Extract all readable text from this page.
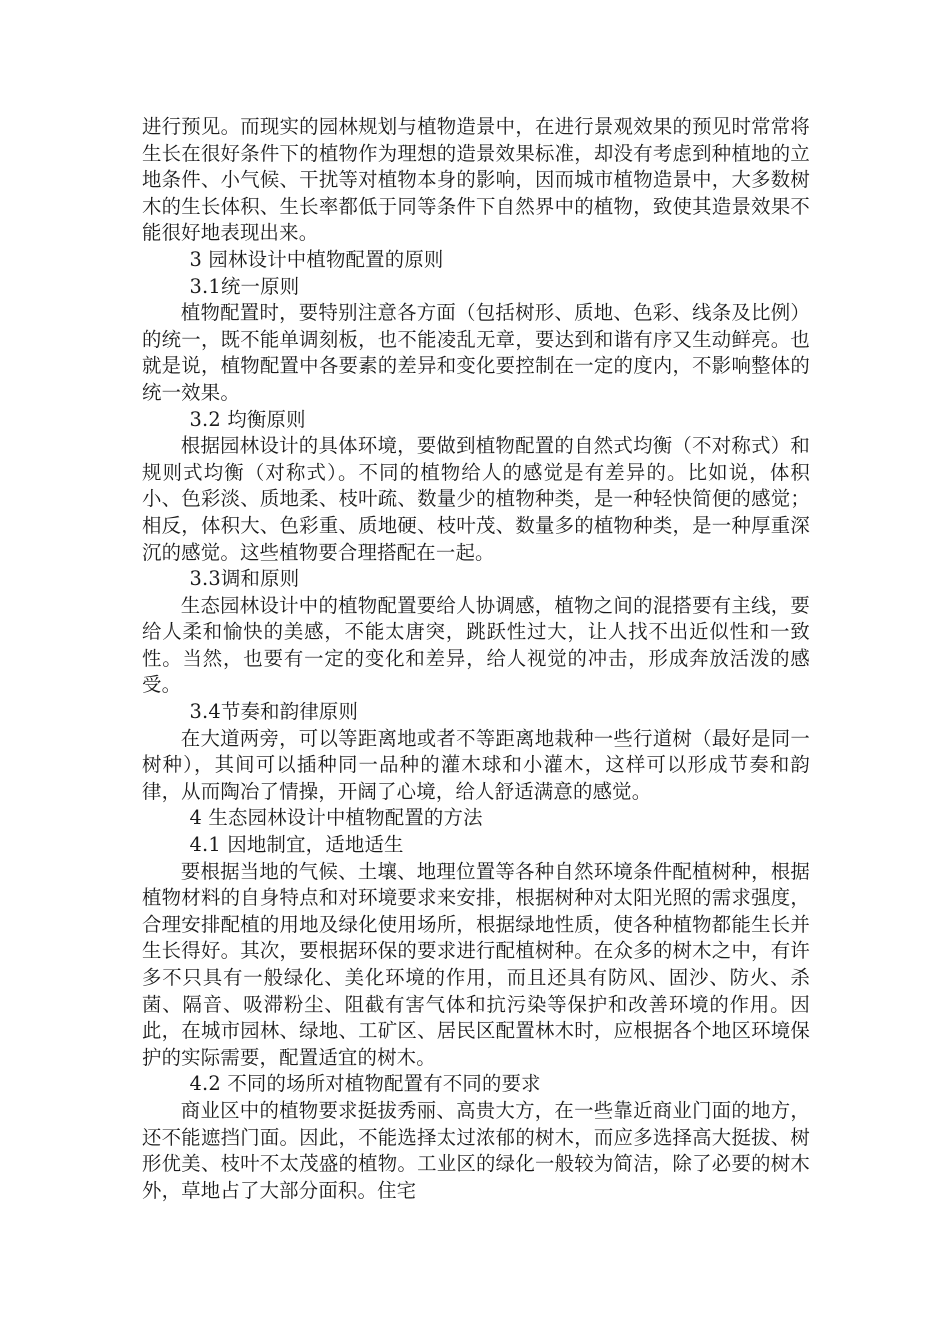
进行预见。而现实的园林规划与植物造景中，在进行景观效果的预见时常常将生长在很好条件下的植物作为理想的造景效果标准，却没有考虑到种植地的立地条件、小气候、干扰等对植物本身的影响，因而城市植物造景中，大多数树木的生长体积、生长率都低于同等条件下自然界中的植物，致使其造景效果不能很好地表现出来。

3 园林设计中植物配置的原则

3.1统一原则

植物配置时，要特别注意各方面（包括树形、质地、色彩、线条及比例）的统一，既不能单调刻板，也不能凌乱无章，要达到和谐有序又生动鲜亮。也就是说，植物配置中各要素的差异和变化要控制在一定的度内，不影响整体的统一效果。

3.2 均衡原则

根据园林设计的具体环境，要做到植物配置的自然式均衡（不对称式）和规则式均衡（对称式）。不同的植物给人的感觉是有差异的。比如说，体积小、色彩淡、质地柔、枝叶疏、数量少的植物种类，是一种轻快简便的感觉；相反，体积大、色彩重、质地硬、枝叶茂、数量多的植物种类，是一种厚重深沉的感觉。这些植物要合理搭配在一起。

3.3调和原则

生态园林设计中的植物配置要给人协调感，植物之间的混搭要有主线，要给人柔和愉快的美感，不能太唐突，跳跃性过大，让人找不出近似性和一致性。当然，也要有一定的变化和差异，给人视觉的冲击，形成奔放活泼的感受。

3.4节奏和韵律原则

在大道两旁，可以等距离地或者不等距离地栽种一些行道树（最好是同一树种），其间可以插种同一品种的灌木球和小灌木，这样可以形成节奏和韵律，从而陶冶了情操，开阔了心境，给人舒适满意的感觉。

4 生态园林设计中植物配置的方法

4.1 因地制宜，适地适生

要根据当地的气候、土壤、地理位置等各种自然环境条件配植树种，根据植物材料的自身特点和对环境要求来安排，根据树种对太阳光照的需求强度，合理安排配植的用地及绿化使用场所，根据绿地性质，使各种植物都能生长并生长得好。其次，要根据环保的要求进行配植树种。在众多的树木之中，有许多不只具有一般绿化、美化环境的作用，而且还具有防风、固沙、防火、杀菌、隔音、吸滞粉尘、阻截有害气体和抗污染等保护和改善环境的作用。因此，在城市园林、绿地、工矿区、居民区配置林木时，应根据各个地区环境保护的实际需要，配置适宜的树木。

4.2 不同的场所对植物配置有不同的要求

商业区中的植物要求挺拔秀丽、高贵大方，在一些靠近商业门面的地方，还不能遮挡门面。因此，不能选择太过浓郁的树木，而应多选择高大挺拔、树形优美、枝叶不太茂盛的植物。工业区的绿化一般较为简洁，除了必要的树木外，草地占了大部分面积。住宅
